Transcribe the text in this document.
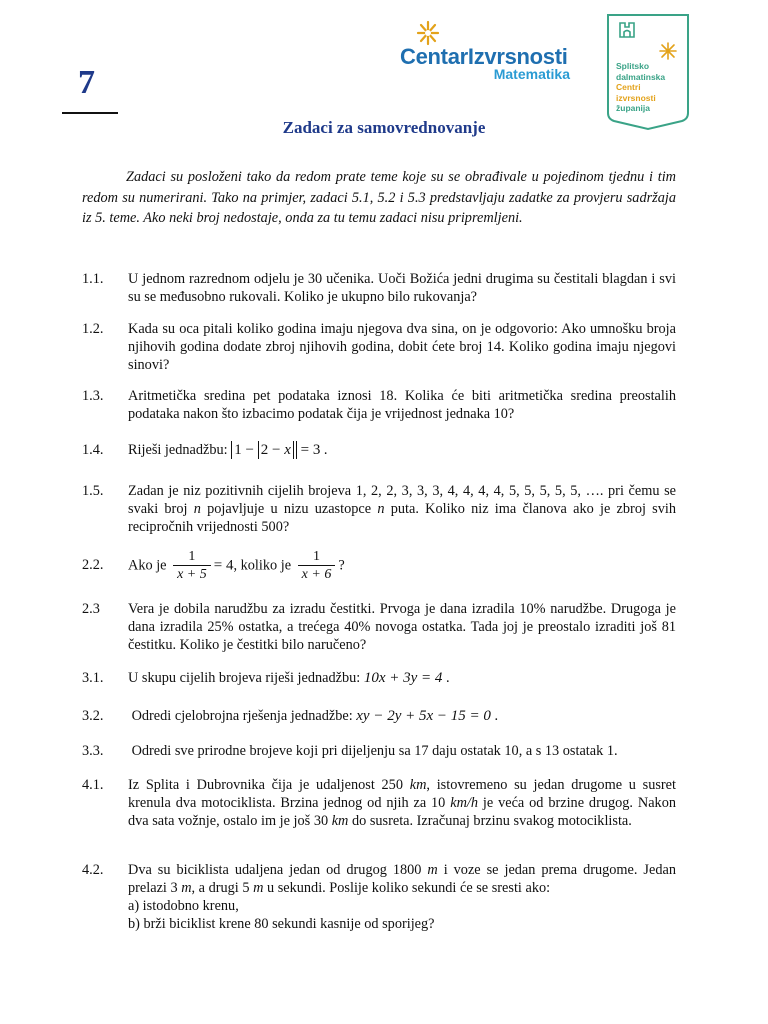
7
CentarIzvrsnosti
Matematika	Splitsko
dalmatinska
Centri
izvrsnosti
županija
Zadaci za samovrednovanje
Zadaci su posloženi tako da redom prate teme koje su se obrađivale u pojedinom tjednu i tim redom su numerirani. Tako na primjer, zadaci 5.1, 5.2 i 5.3 predstavljaju zadatke za provjeru sadržaja iz 5. teme. Ako neki broj nedostaje, onda za tu temu zadaci nisu pripremljeni.
1.1. U jednom razrednom odjelu je 30 učenika. Uoči Božića jedni drugima su čestitali blagdan i svi su se međusobno rukovali. Koliko je ukupno bilo rukovanja?
1.2. Kada su oca pitali koliko godina imaju njegova dva sina, on je odgovorio: Ako umnošku broja njihovih godina dodate zbroj njihovih godina, dobit ćete broj 14. Koliko godina imaju njegovi sinovi?
1.3. Aritmetička sredina pet podataka iznosi 18. Kolika će biti aritmetička sredina preostalih podataka nakon što izbacimo podatak čija je vrijednost jednaka 10?
1.4. Riješi jednadžbu: 1 − 2 − x = 3 .
1.5. Zadan je niz pozitivnih cijelih brojeva 1, 2, 2, 3, 3, 3, 4, 4, 4, 4, 5, 5, 5, 5, 5, …. pri čemu se svaki broj n pojavljuje u nizu uzastopce n puta. Koliko niz ima članova ako je zbroj svih recipročnih vrijednosti 500?
2.2. Ako je $\frac{1}{x + 5} = 4$, koliko je $\frac{1}{x + 6}$ ?
2.3 Vera je dobila narudžbu za izradu čestitki. Prvoga je dana izradila 10% narudžbe. Drugoga je dana izradila 25% ostatka, a trećega 40% novoga ostatka. Tada joj je preostalo izraditi još 81 čestitku. Koliko je čestitki bilo naručeno?
3.1. U skupu cijelih brojeva riješi jednadžbu: 10x + 3y = 4 .
3.2. Odredi cjelobrojna rješenja jednadžbe: xy − 2y + 5x − 15 = 0 .
3.3. Odredi sve prirodne brojeve koji pri dijeljenju sa 17 daju ostatak 10, a s 13 ostatak 1.
4.1. Iz Splita i Dubrovnika čija je udaljenost 250 km, istovremeno su jedan drugome u susret krenula dva motociklista. Brzina jednog od njih za 10 km/h je veća od brzine drugog. Nakon dva sata vožnje, ostalo im je još 30 km do susreta. Izračunaj brzinu svakog motociklista.
4.2. Dva su biciklista udaljena jedan od drugog 1800 m i voze se jedan prema drugome. Jedan prelazi 3 m, a drugi 5 m u sekundi. Poslije koliko sekundi će se sresti ako:
a) istodobno krenu,
b) brži biciklist krene 80 sekundi kasnije od sporijeg?
